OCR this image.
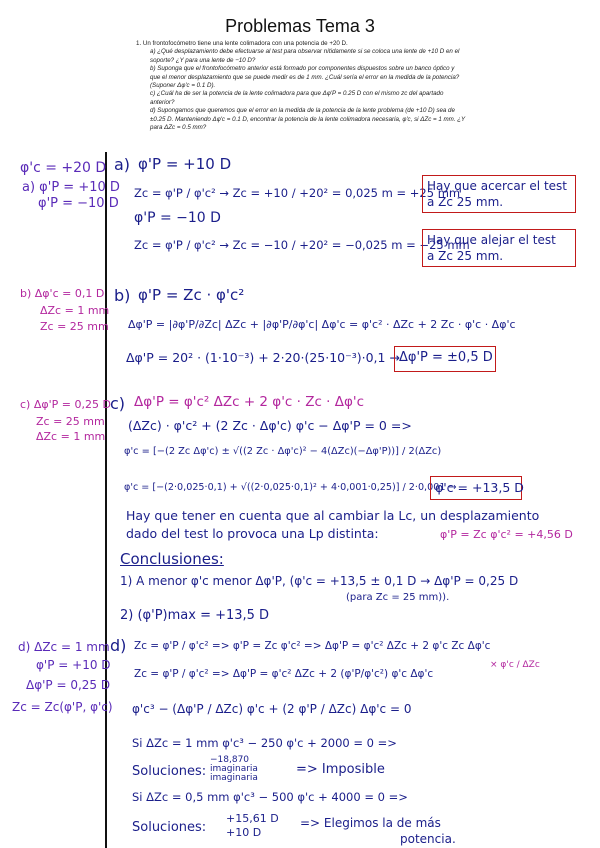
Problemas Tema 3
1. Un frontofocómetro tiene una lente colimadora con una potencia de +20 D.
a) ¿Qué desplazamiento debe efectuarse al test para observar nítidamente si se coloca una lente de +10 D en el soporte? ¿Y para una lente de −10 D?
b) Suponga que el frontofocómetro anterior está formado por componentes dispuestos sobre un banco óptico y que el menor desplazamiento que se puede medir es de 1 mm. ¿Cuál sería el error en la medida de la potencia? (Suponer Δφ'c = 0.1 D).
c) ¿Cuál ha de ser la potencia de la lente colimadora para que Δφ'P = 0.25 D con el mismo zc del apartado anterior?
d) Supongamos que queremos que el error en la medida de la potencia de la lente problema (de +10 D) sea de ±0.25 D. Manteniendo Δφ'c = 0.1 D, encontrar la potencia de la lente colimadora necesaria, φ'c, si ΔZc = 1 mm. ¿Y para ΔZc = 0.5 mm?
φ'c = +20 D
a) φ'P = +10 D
φ'P = −10 D
b) Δφ'c = 0,1 D
ΔZc = 1 mm
Zc = 25 mm
c) Δφ'P = 0,25 D
Zc = 25 mm
ΔZc = 1 mm
d) ΔZc = 1 mm
φ'P = +10 D
Δφ'P = 0,25 D
Zc = Zc(φ'P, φ'c)
a) φ'P = +10 D
Zc = φ'P / φ'c² → Zc = +10 / +20² = 0,025 m = +25 mm
Hay que acercar el test
a Zc 25 mm.
φ'P = −10 D
Zc = φ'P / φ'c² → Zc = −10 / +20² = −0,025 m = −25 mm
Hay que alejar el test
a Zc 25 mm.
b) φ'P = Zc · φ'c²
Δφ'P = |∂φ'P/∂Zc| ΔZc + |∂φ'P/∂φ'c| Δφ'c = φ'c² · ΔZc + 2 Zc · φ'c · Δφ'c
Δφ'P = 20² · (1·10⁻³) + 2·20·(25·10⁻³)·0,1 → Δφ'P = ±0,5 D
c) Δφ'P = φ'c² ΔZc + 2 φ'c · Zc · Δφ'c
(ΔZc) · φ'c² + (2 Zc · Δφ'c) φ'c − Δφ'P = 0 =>
φ'c = [−(2 Zc Δφ'c) ± √((2 Zc · Δφ'c)² − 4(ΔZc)(−Δφ'P))] / 2(ΔZc)
φ'c = [−(2·0,025·0,1) + √((2·0,025·0,1)² + 4·0,001·0,25)] / 2·0,001 →
φ'c = +13,5 D
Hay que tener en cuenta que al cambiar la Lc, un desplazamiento
dado del test lo provoca una Lp distinta:	φ'P = Zc φ'c² = +4,56 D
Conclusiones:
1) A menor φ'c menor Δφ'P, (φ'c = +13,5 ± 0,1 D → Δφ'P = 0,25 D
(para Zc = 25 mm)).
2) (φ'P)max = +13,5 D
d) Zc = φ'P / φ'c² => φ'P = Zc φ'c² => Δφ'P = φ'c² ΔZc + 2 φ'c Zc Δφ'c
Zc = φ'P / φ'c² => Δφ'P = φ'c² ΔZc + 2 (φ'P/φ'c²) φ'c Δφ'c
× φ'c / ΔZc
φ'c³ − (Δφ'P / ΔZc) φ'c + (2 φ'P / ΔZc) Δφ'c = 0
Si ΔZc = 1 mm φ'c³ − 250 φ'c + 2000 = 0 =>
Soluciones:
−18,870
imaginaria
imaginaria
=> Imposible
Si ΔZc = 0,5 mm φ'c³ − 500 φ'c + 4000 = 0 =>
Soluciones:
+15,61 D
+10 D
=> Elegimos la de más
potencia.
